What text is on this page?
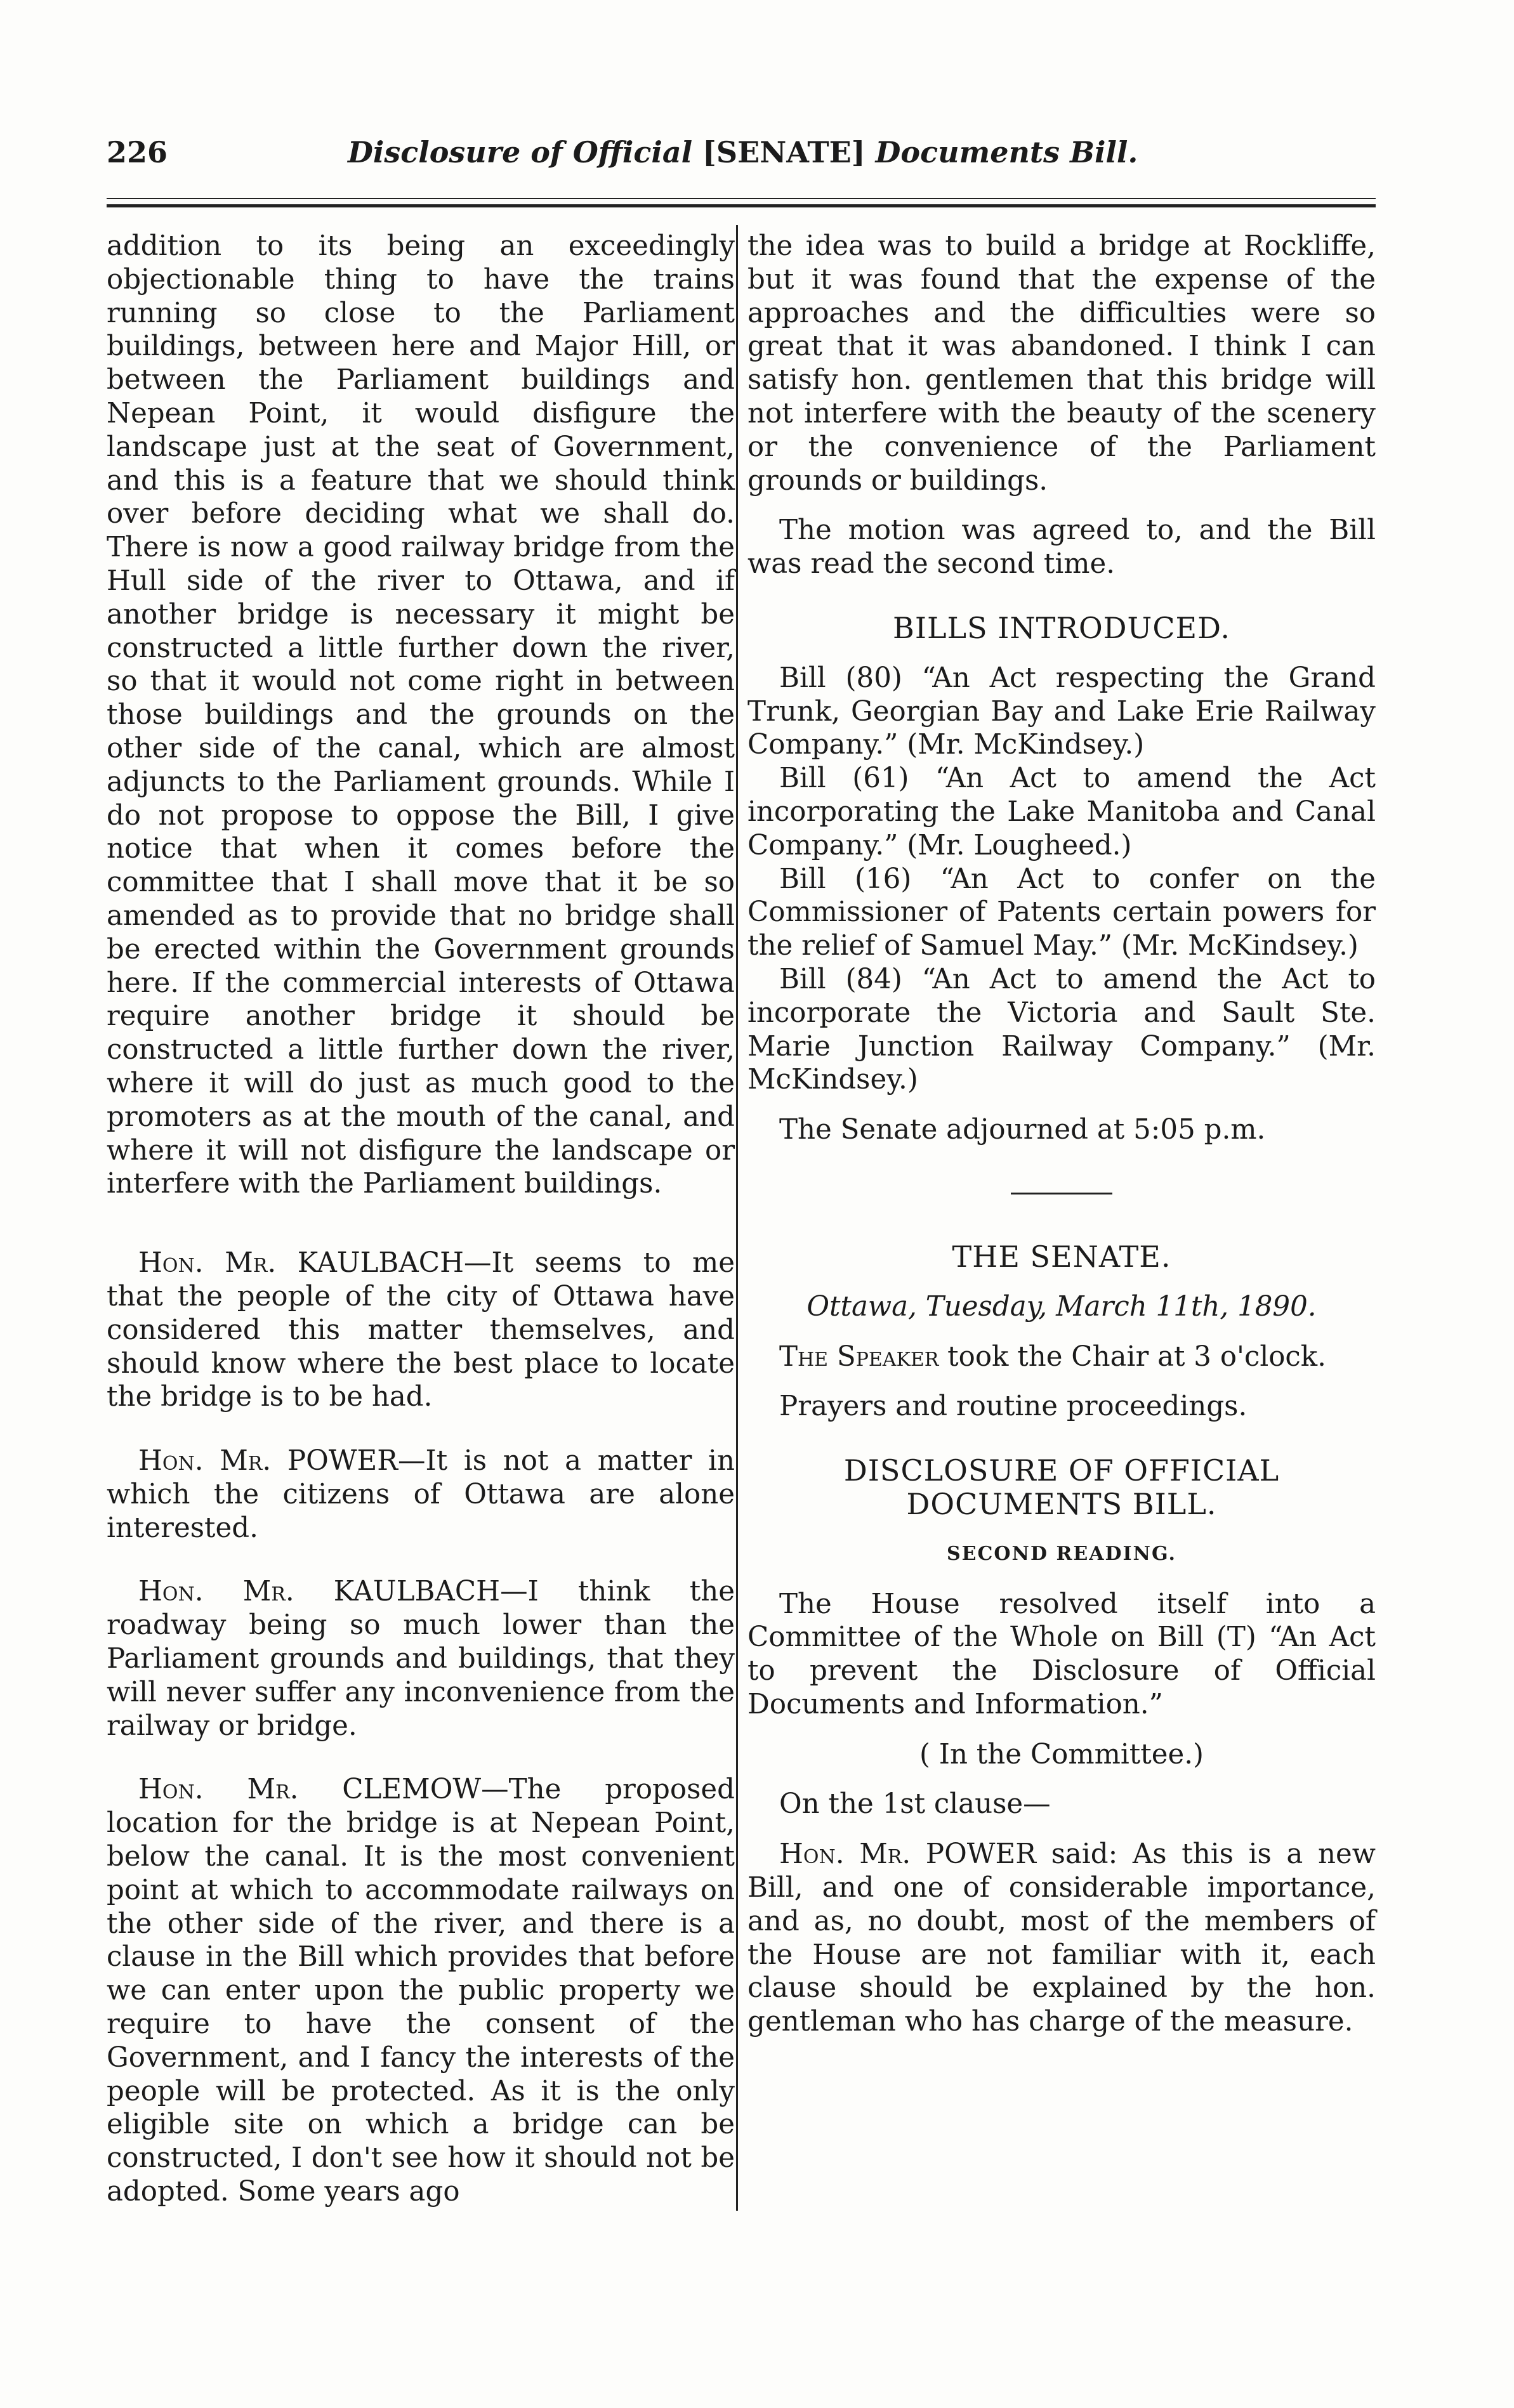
226	Disclosure of Official [SENATE] Documents Bill.

addition to its being an exceedingly objectionable thing to have the trains running so close to the Parliament buildings, between here and Major Hill, or between the Parliament buildings and Nepean Point, it would disfigure the landscape just at the seat of Government, and this is a feature that we should think over before deciding what we shall do. There is now a good railway bridge from the Hull side of the river to Ottawa, and if another bridge is necessary it might be constructed a little further down the river, so that it would not come right in between those buildings and the grounds on the other side of the canal, which are almost adjuncts to the Parliament grounds. While I do not propose to oppose the Bill, I give notice that when it comes before the committee that I shall move that it be so amended as to provide that no bridge shall be erected within the Government grounds here. If the commercial interests of Ottawa require another bridge it should be constructed a little further down the river, where it will do just as much good to the promoters as at the mouth of the canal, and where it will not disfigure the landscape or interfere with the Parliament buildings.

Hon. Mr. KAULBACH—It seems to me that the people of the city of Ottawa have considered this matter themselves, and should know where the best place to locate the bridge is to be had.

Hon. Mr. POWER—It is not a matter in which the citizens of Ottawa are alone interested.

Hon. Mr. KAULBACH—I think the roadway being so much lower than the Parliament grounds and buildings, that they will never suffer any inconvenience from the railway or bridge.

Hon. Mr. CLEMOW—The proposed location for the bridge is at Nepean Point, below the canal. It is the most convenient point at which to accommodate railways on the other side of the river, and there is a clause in the Bill which provides that before we can enter upon the public property we require to have the consent of the Government, and I fancy the interests of the people will be protected. As it is the only eligible site on which a bridge can be constructed, I don't see how it should not be adopted. Some years ago

the idea was to build a bridge at Rockliffe, but it was found that the expense of the approaches and the difficulties were so great that it was abandoned. I think I can satisfy hon. gentlemen that this bridge will not interfere with the beauty of the scenery or the convenience of the Parliament grounds or buildings.

The motion was agreed to, and the Bill was read the second time.

BILLS INTRODUCED.

Bill (80) “An Act respecting the Grand Trunk, Georgian Bay and Lake Erie Railway Company.” (Mr. McKindsey.)

Bill (61) “An Act to amend the Act incorporating the Lake Manitoba and Canal Company.” (Mr. Lougheed.)

Bill (16) “An Act to confer on the Commissioner of Patents certain powers for the relief of Samuel May.” (Mr. McKindsey.)

Bill (84) “An Act to amend the Act to incorporate the Victoria and Sault Ste. Marie Junction Railway Company.” (Mr. McKindsey.)

The Senate adjourned at 5:05 p.m.

THE SENATE.

Ottawa, Tuesday, March 11th, 1890.

The Speaker took the Chair at 3 o'clock.

Prayers and routine proceedings.

DISCLOSURE OF OFFICIAL DOCUMENTS BILL.

SECOND READING.

The House resolved itself into a Committee of the Whole on Bill (T) “An Act to prevent the Disclosure of Official Documents and Information.”

( In the Committee.)

On the 1st clause—

Hon. Mr. POWER said: As this is a new Bill, and one of considerable importance, and as, no doubt, most of the members of the House are not familiar with it, each clause should be explained by the hon. gentleman who has charge of the measure.
